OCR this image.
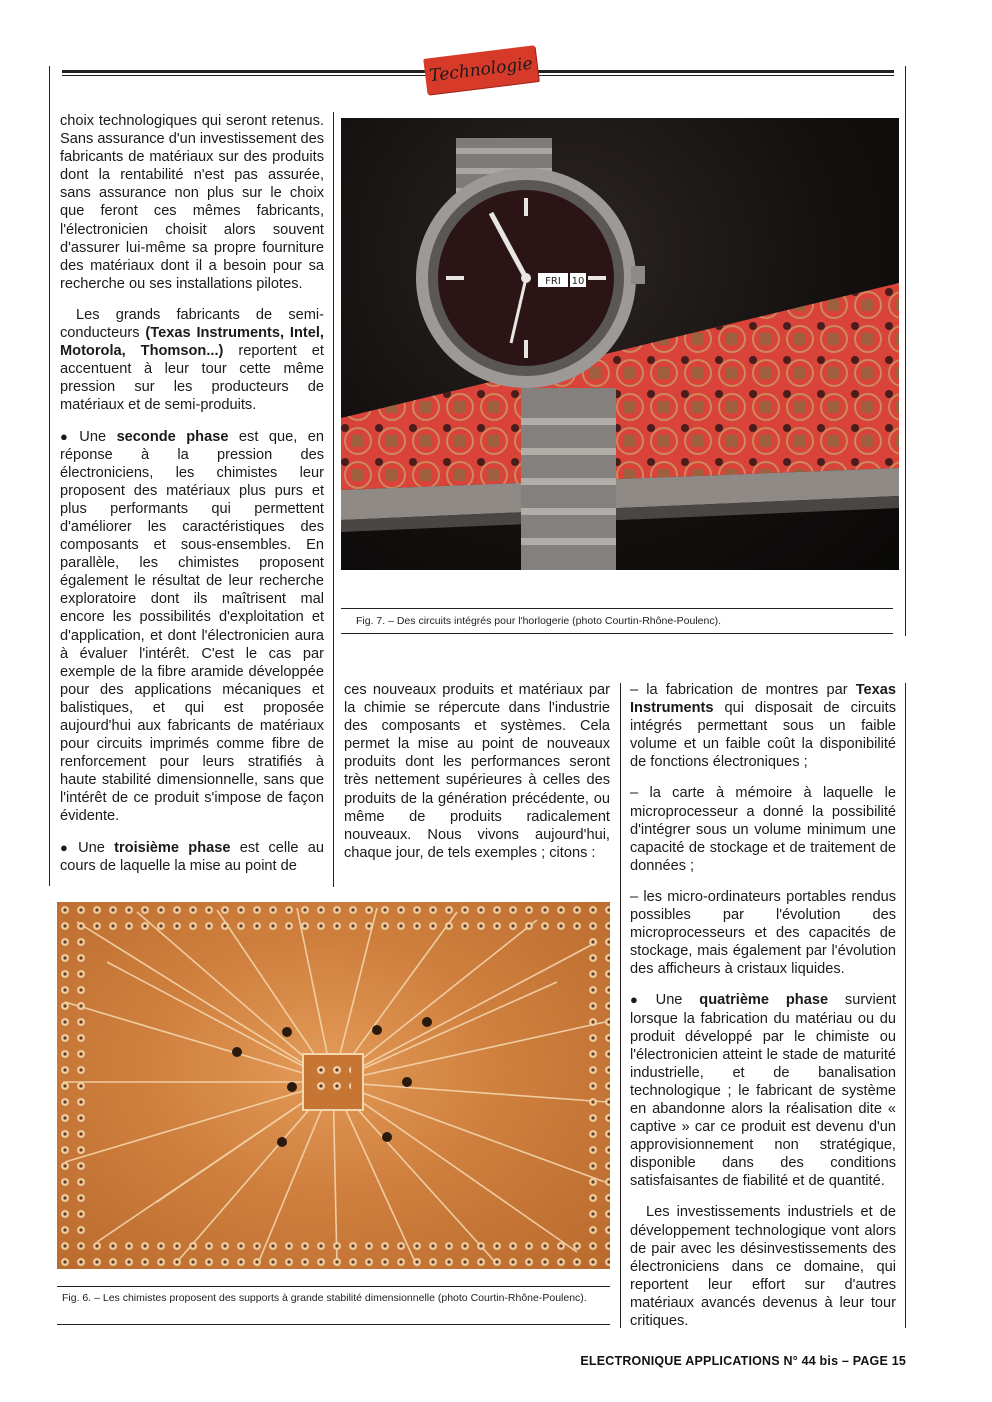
Technologie

choix technologiques qui seront retenus. Sans assurance d'un investissement des fabricants de matériaux sur des produits dont la rentabilité n'est pas assurée, sans assurance non plus sur le choix que feront ces mêmes fabricants, l'électronicien choisit alors souvent d'assurer lui-même sa propre fourniture des matériaux dont il a besoin pour sa recherche ou ses installations pilotes.

Les grands fabricants de semi-conducteurs (Texas Instruments, Intel, Motorola, Thomson...) reportent et accentuent à leur tour cette même pression sur les producteurs de matériaux et de semi-produits.

● Une seconde phase est que, en réponse à la pression des électroniciens, les chimistes leur proposent des matériaux plus purs et plus performants qui permettent d'améliorer les caractéristiques des composants et sous-ensembles. En parallèle, les chimistes proposent également le résultat de leur recherche exploratoire dont ils maîtrisent mal encore les possibilités d'exploitation et d'application, et dont l'électronicien aura à évaluer l'intérêt. C'est le cas par exemple de la fibre aramide développée pour des applications mécaniques et balistiques, et qui est proposée aujourd'hui aux fabricants de matériaux pour circuits imprimés comme fibre de renforcement pour leurs stratifiés à haute stabilité dimensionnelle, sans que l'intérêt de ce produit s'impose de façon évidente.

● Une troisième phase est celle au cours de laquelle la mise au point de

FRI 10
Fig. 7. – Des circuits intégrés pour l'horlogerie (photo Courtin-Rhône-Poulenc).

ces nouveaux produits et matériaux par la chimie se répercute dans l'industrie des composants et systèmes. Cela permet la mise au point de nouveaux produits dont les performances seront très nettement supérieures à celles des produits de la génération précédente, ou même de produits radicalement nouveaux. Nous vivons aujourd'hui, chaque jour, de tels exemples ; citons :

– la fabrication de montres par Texas Instruments qui disposait de circuits intégrés permettant sous un faible volume et un faible coût la disponibilité de fonctions électroniques ;

– la carte à mémoire à laquelle le microprocesseur a donné la possibilité d'intégrer sous un volume minimum une capacité de stockage et de traitement de données ;

– les micro-ordinateurs portables rendus possibles par l'évolution des microprocesseurs et des capacités de stockage, mais également par l'évolution des afficheurs à cristaux liquides.

● Une quatrième phase survient lorsque la fabrication du matériau ou du produit développé par le chimiste ou l'électronicien atteint le stade de maturité industrielle, et de banalisation technologique ; le fabricant de système en abandonne alors la réalisation dite « captive » car ce produit est devenu d'un approvisionnement non stratégique, disponible dans des conditions satisfaisantes de fiabilité et de quantité.

Les investissements industriels et de développement technologique vont alors de pair avec les désinvestissements des électroniciens dans ce domaine, qui reportent leur effort sur d'autres matériaux avancés devenus à leur tour critiques.

Fig. 6. – Les chimistes proposent des supports à grande stabilité dimensionnelle (photo Courtin-Rhône-Poulenc).
ELECTRONIQUE APPLICATIONS N° 44 bis – PAGE 15
